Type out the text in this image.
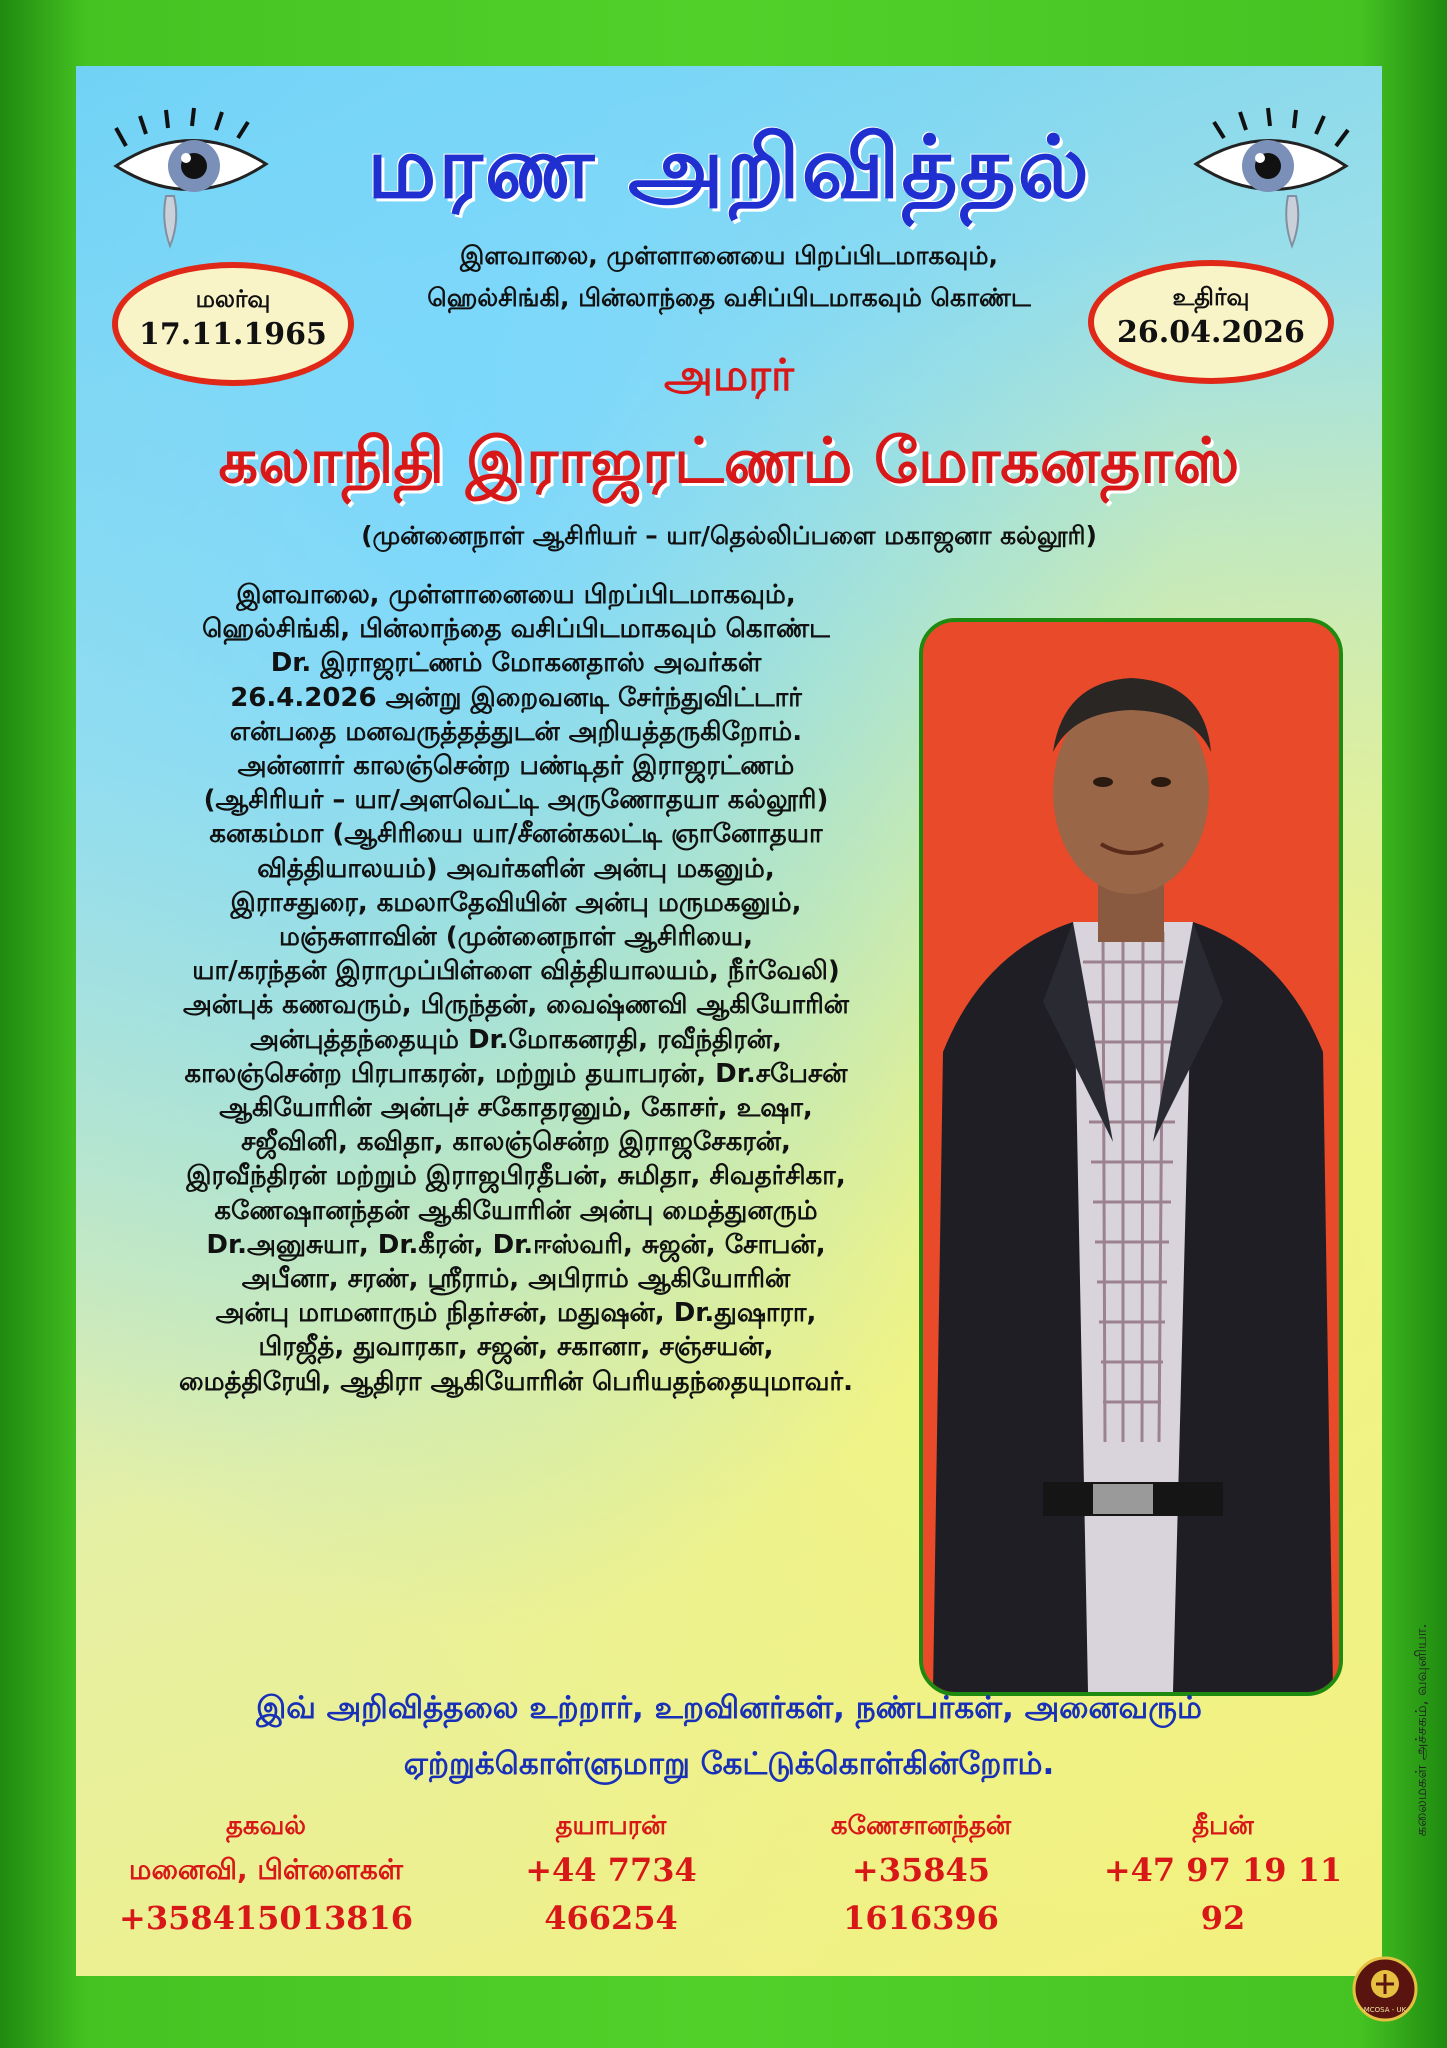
மரண அறிவித்தல்
இளவாலை, முள்ளானையை பிறப்பிடமாகவும்,
ஹெல்சிங்கி, பின்லாந்தை வசிப்பிடமாகவும் கொண்ட
மலர்வு
17.11.1965
உதிர்வு
26.04.2026
அமரர்
கலாநிதி இராஜரட்ணம் மோகனதாஸ்
(முன்னைநாள் ஆசிரியர் – யா/தெல்லிப்பளை மகாஜனா கல்லூரி)
இளவாலை, முள்ளானையை பிறப்பிடமாகவும்,
ஹெல்சிங்கி, பின்லாந்தை வசிப்பிடமாகவும் கொண்ட
Dr. இராஜரட்ணம் மோகனதாஸ் அவர்கள்
26.4.2026 அன்று இறைவனடி சேர்ந்துவிட்டார்
என்பதை மனவருத்தத்துடன் அறியத்தருகிறோம்.
அன்னார் காலஞ்சென்ற பண்டிதர் இராஜரட்ணம்
(ஆசிரியர் – யா/அளவெட்டி அருணோதயா கல்லூரி)
கனகம்மா (ஆசிரியை யா/சீனன்கலட்டி ஞானோதயா
வித்தியாலயம்) அவர்களின் அன்பு மகனும்,
இராசதுரை, கமலாதேவியின் அன்பு மருமகனும்,
மஞ்சுளாவின் (முன்னைநாள் ஆசிரியை,
யா/கரந்தன் இராமுப்பிள்ளை வித்தியாலயம், நீர்வேலி)
அன்புக் கணவரும், பிருந்தன், வைஷ்ணவி ஆகியோரின்
அன்புத்தந்தையும் Dr.மோகனரதி, ரவீந்திரன்,
காலஞ்சென்ற பிரபாகரன், மற்றும் தயாபரன், Dr.சபேசன்
ஆகியோரின் அன்புச் சகோதரனும், கோசர், உஷா,
சஜீவினி, கவிதா, காலஞ்சென்ற இராஜசேகரன்,
இரவீந்திரன் மற்றும் இராஜபிரதீபன், சுமிதா, சிவதர்சிகா,
கணேஷானந்தன் ஆகியோரின் அன்பு மைத்துனரும்
Dr.அனுசுயா, Dr.கீரன், Dr.ஈஸ்வரி, சுஜன், சோபன்,
அபீனா, சரண், ஸ்ரீராம், அபிராம் ஆகியோரின்
அன்பு மாமனாரும் நிதர்சன், மதுஷன், Dr.துஷாரா,
பிரஜீத், துவாரகா, சஜன், சகானா, சஞ்சயன்,
மைத்திரேயி, ஆதிரா ஆகியோரின் பெரியதந்தையுமாவர்.
இவ் அறிவித்தலை உற்றார், உறவினர்கள், நண்பர்கள், அனைவரும்
ஏற்றுக்கொள்ளுமாறு கேட்டுக்கொள்கின்றோம்.
தகவல்
மனைவி, பிள்ளைகள்
+358415013816
தயாபரன்
+44 7734 466254
கணேசானந்தன்
+35845 1616396
தீபன்
+47 97 19 11 92
கலைமகள் அச்சகம், வவுனியா.
MCOSA - UK
